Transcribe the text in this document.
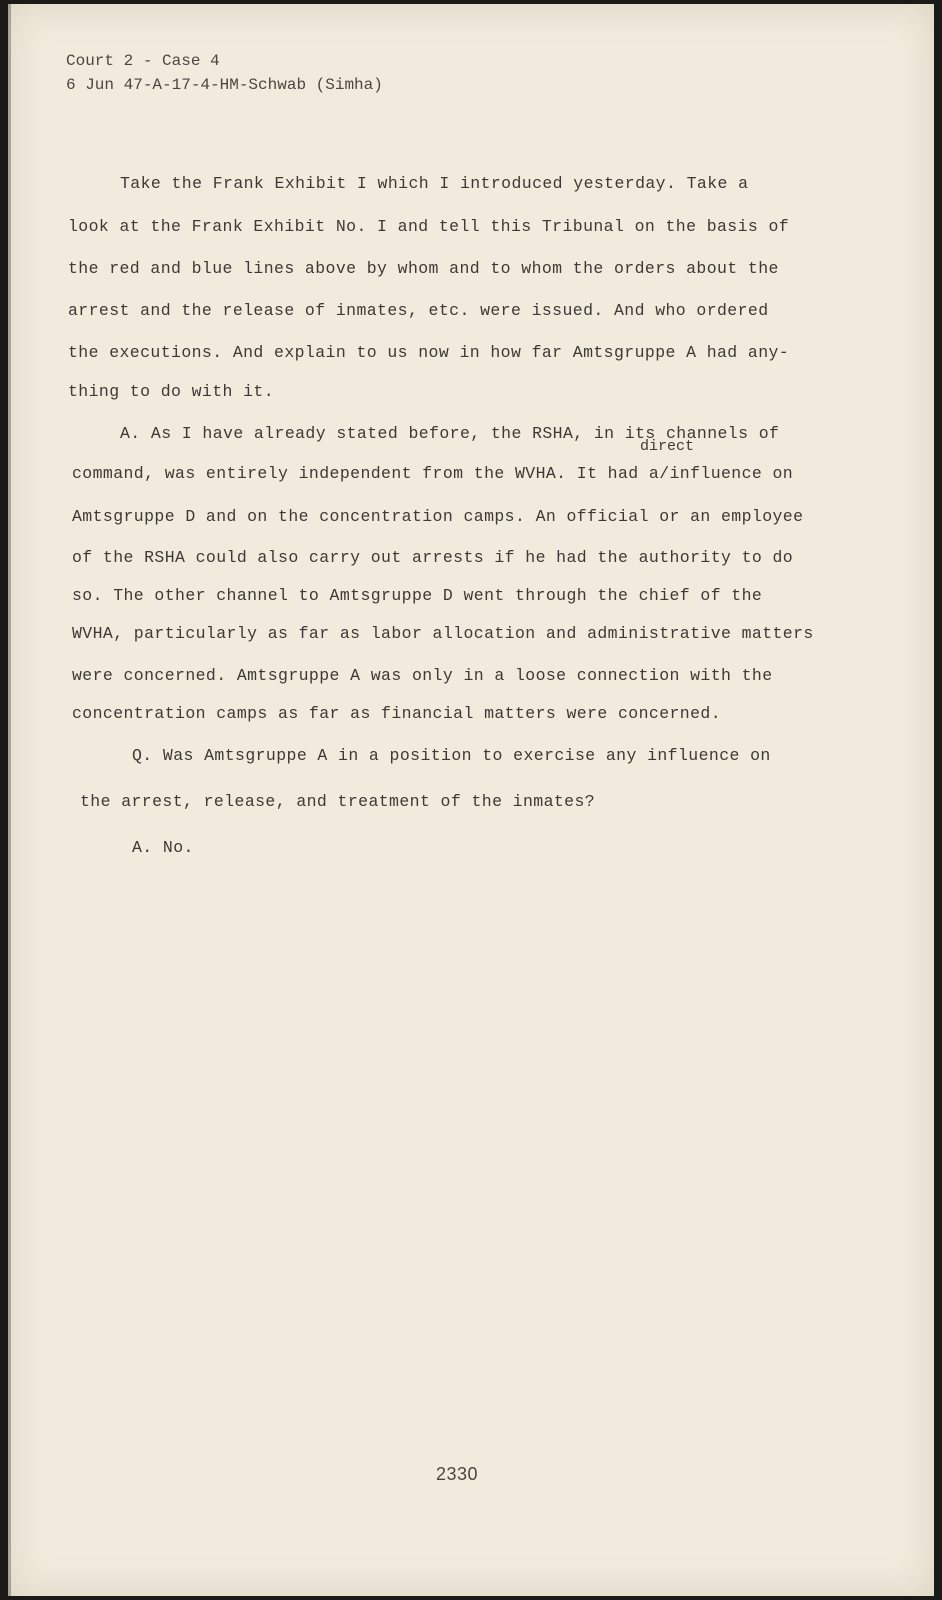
Court 2 - Case 4
6 Jun 47-A-17-4-HM-Schwab (Simha)
Take the Frank Exhibit I which I introduced yesterday. Take a
look at the Frank Exhibit No. I and tell this Tribunal on the basis of
the red and blue lines above by whom and to whom the orders about the
arrest and the release of inmates, etc. were issued. And who ordered
the executions. And explain to us now in how far Amtsgruppe A had any-
thing to do with it.
A. As I have already stated before, the RSHA, in its channels of
direct
command, was entirely independent from the WVHA. It had a/influence on
Amtsgruppe D and on the concentration camps. An official or an employee
of the RSHA could also carry out arrests if he had the authority to do
so. The other channel to Amtsgruppe D went through the chief of the
WVHA, particularly as far as labor allocation and administrative matters
were concerned. Amtsgruppe A was only in a loose connection with the
concentration camps as far as financial matters were concerned.
Q. Was Amtsgruppe A in a position to exercise any influence on
the arrest, release, and treatment of the inmates?
A. No.
2330
